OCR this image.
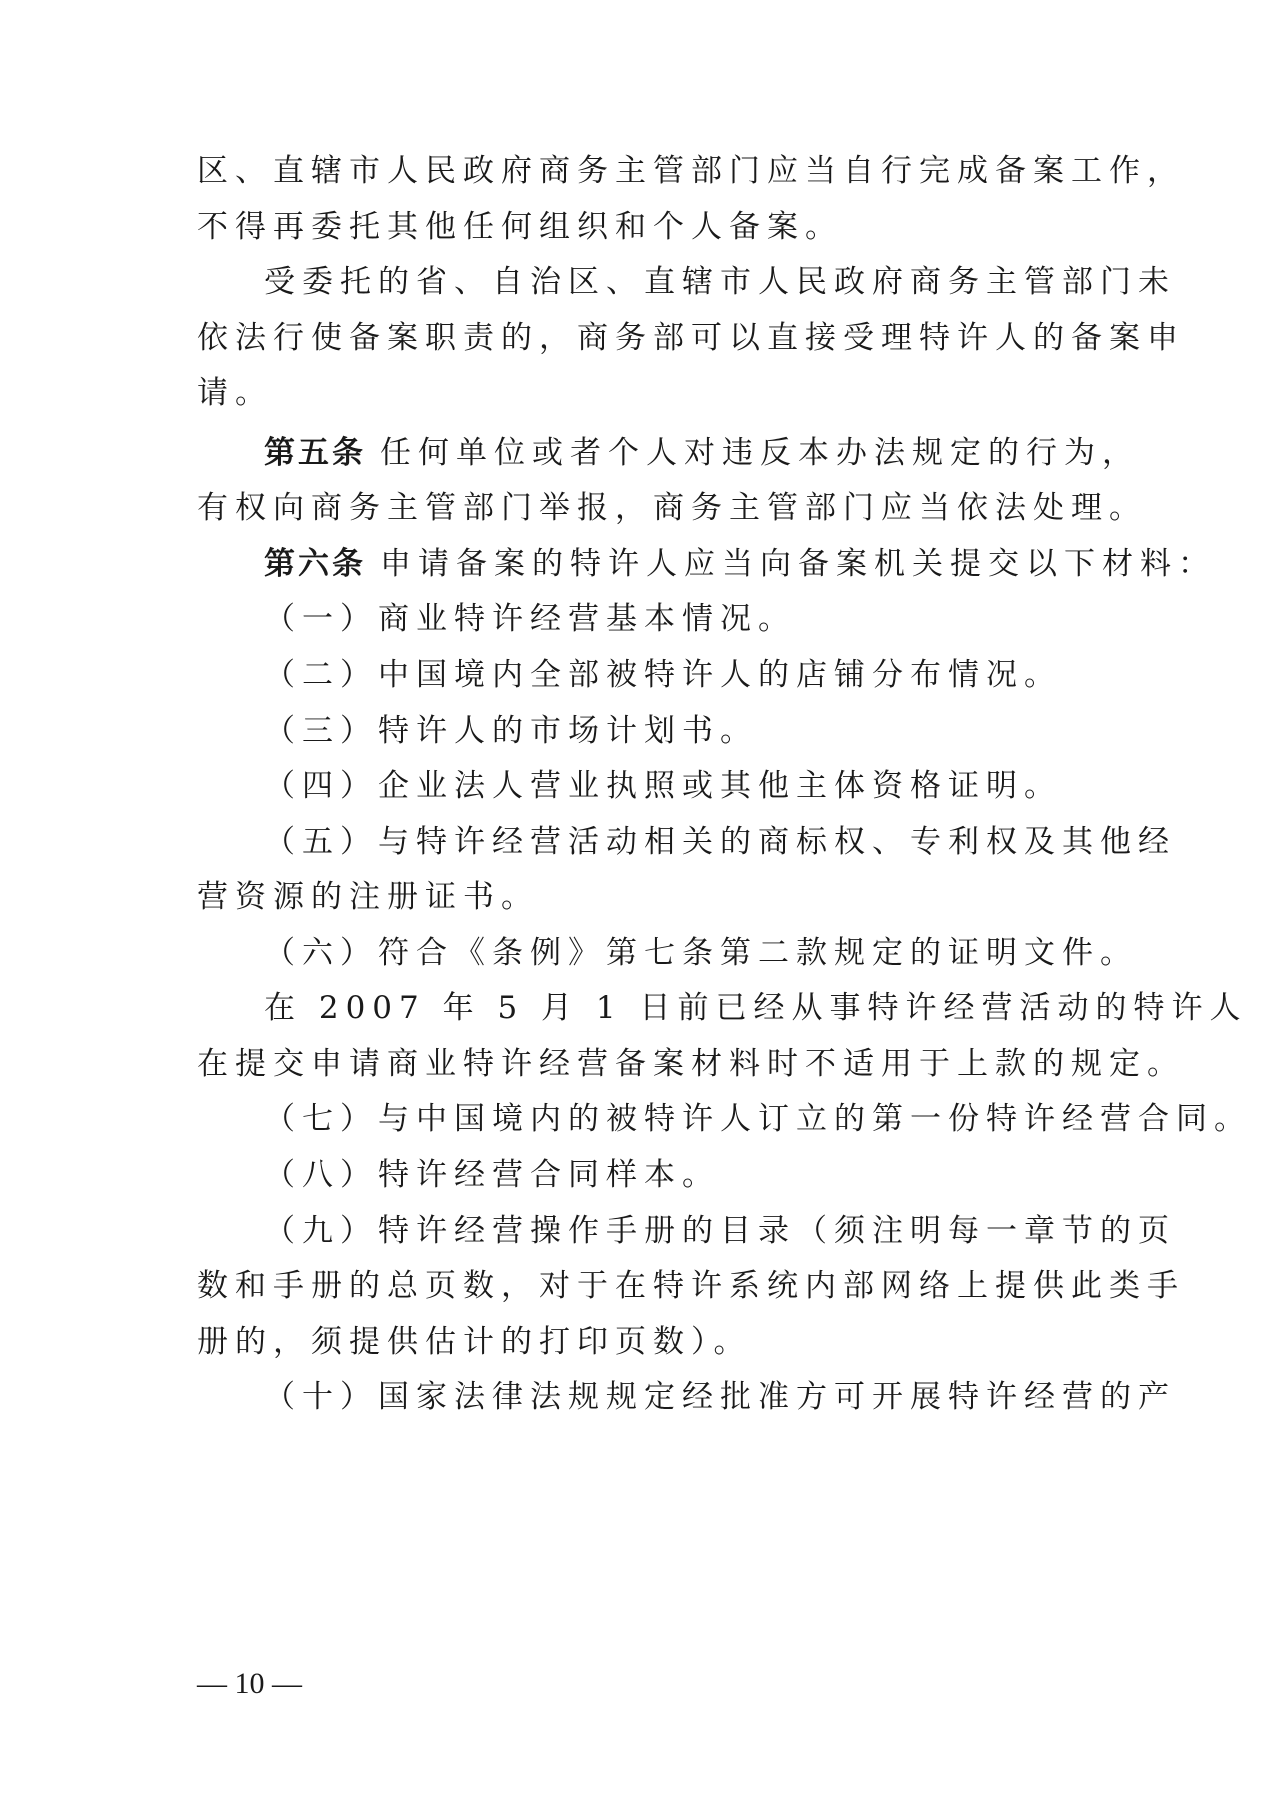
区、直辖市人民政府商务主管部门应当自行完成备案工作，
不得再委托其他任何组织和个人备案。
受委托的省、自治区、直辖市人民政府商务主管部门未
依法行使备案职责的，商务部可以直接受理特许人的备案申
请。
第五条 任何单位或者个人对违反本办法规定的行为，
有权向商务主管部门举报，商务主管部门应当依法处理。
第六条 申请备案的特许人应当向备案机关提交以下材料：
（一）商业特许经营基本情况。
（二）中国境内全部被特许人的店铺分布情况。
（三）特许人的市场计划书。
（四）企业法人营业执照或其他主体资格证明。
（五）与特许经营活动相关的商标权、专利权及其他经
营资源的注册证书。
（六）符合《条例》第七条第二款规定的证明文件。
在 2007 年 5 月 1 日前已经从事特许经营活动的特许人
在提交申请商业特许经营备案材料时不适用于上款的规定。
（七）与中国境内的被特许人订立的第一份特许经营合同。
（八）特许经营合同样本。
（九）特许经营操作手册的目录（须注明每一章节的页
数和手册的总页数，对于在特许系统内部网络上提供此类手
册的，须提供估计的打印页数）。
（十）国家法律法规规定经批准方可开展特许经营的产
— 10 —
